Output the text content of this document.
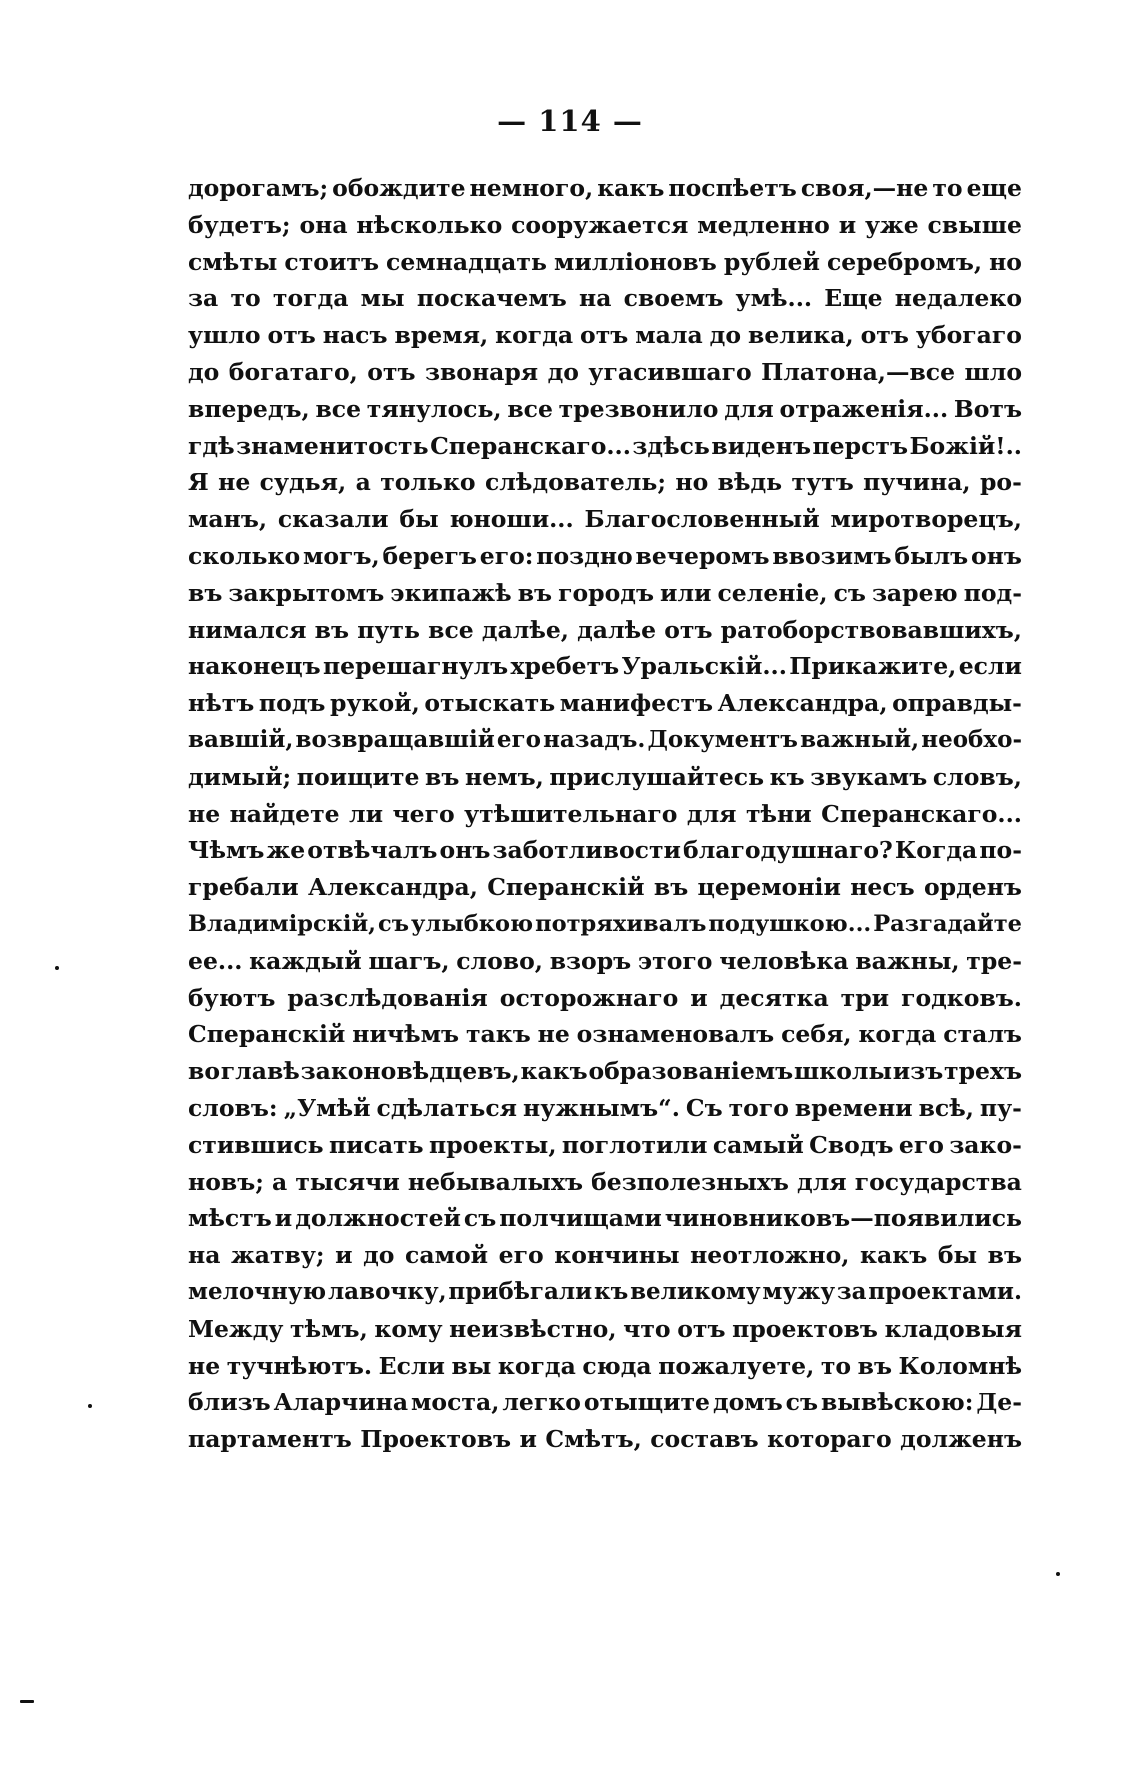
— 114 —
дорогамъ; обождите немного, какъ поспѣетъ своя,—не то еще
будетъ; она нѣсколько сооружается медленно и уже свыше
смѣты стоитъ семнадцать милліоновъ рублей серебромъ, но
за то тогда мы поскачемъ на своемъ умѣ... Еще недалеко
ушло отъ насъ время, когда отъ мала до велика, отъ убогаго
до богатаго, отъ звонаря до угасившаго Платона,—все шло
впередъ, все тянулось, все трезвонило для отраженія... Вотъ
гдѣ знаменитость Сперанскаго... здѣсь виденъ перстъ Божій!..
Я не судья, а только слѣдователь; но вѣдь тутъ пучина, ро-
манъ, сказали бы юноши... Благословенный миротворецъ,
сколько могъ, берегъ его: поздно вечеромъ ввозимъ былъ онъ
въ закрытомъ экипажѣ въ городъ или селеніе, съ зарею под-
нимался въ путь все далѣе, далѣе отъ ратоборствовавшихъ,
наконецъ перешагнулъ хребетъ Уральскій... Прикажите, если
нѣтъ подъ рукой, отыскать манифестъ Александра, оправды-
вавшій, возвращавшій его назадъ. Документъ важный, необхо-
димый; поищите въ немъ, прислушайтесь къ звукамъ словъ,
не найдете ли чего утѣшительнаго для тѣни Сперанскаго...
Чѣмъ же отвѣчалъ онъ заботливости благодушнаго? Когда по-
гребали Александра, Сперанскій въ церемоніи несъ орденъ
Владимірскій, съ улыбкою потряхивалъ подушкою... Разгадайте
ее... каждый шагъ, слово, взоръ этого человѣка важны, тре-
буютъ разслѣдованія осторожнаго и десятка три годковъ.
Сперанскій ничѣмъ такъ не ознаменовалъ себя, когда сталъ
во главѣ законовѣдцевъ, какъ образованіемъ школы изъ трехъ
словъ: „Умѣй сдѣлаться нужнымъ“. Съ того времени всѣ, пу-
стившись писать проекты, поглотили самый Сводъ его зако-
новъ; а тысячи небывалыхъ безполезныхъ для государства
мѣстъ и должностей съ полчищами чиновниковъ—появились
на жатву; и до самой его кончины неотложно, какъ бы въ
мелочную лавочку, прибѣгали къ великому мужу за проектами.
Между тѣмъ, кому неизвѣстно, что отъ проектовъ кладовыя
не тучнѣютъ. Если вы когда сюда пожалуете, то въ Коломнѣ
близъ Аларчина моста, легко отыщите домъ съ вывѣскою: Де-
партаментъ Проектовъ и Смѣтъ, составъ котораго долженъ
